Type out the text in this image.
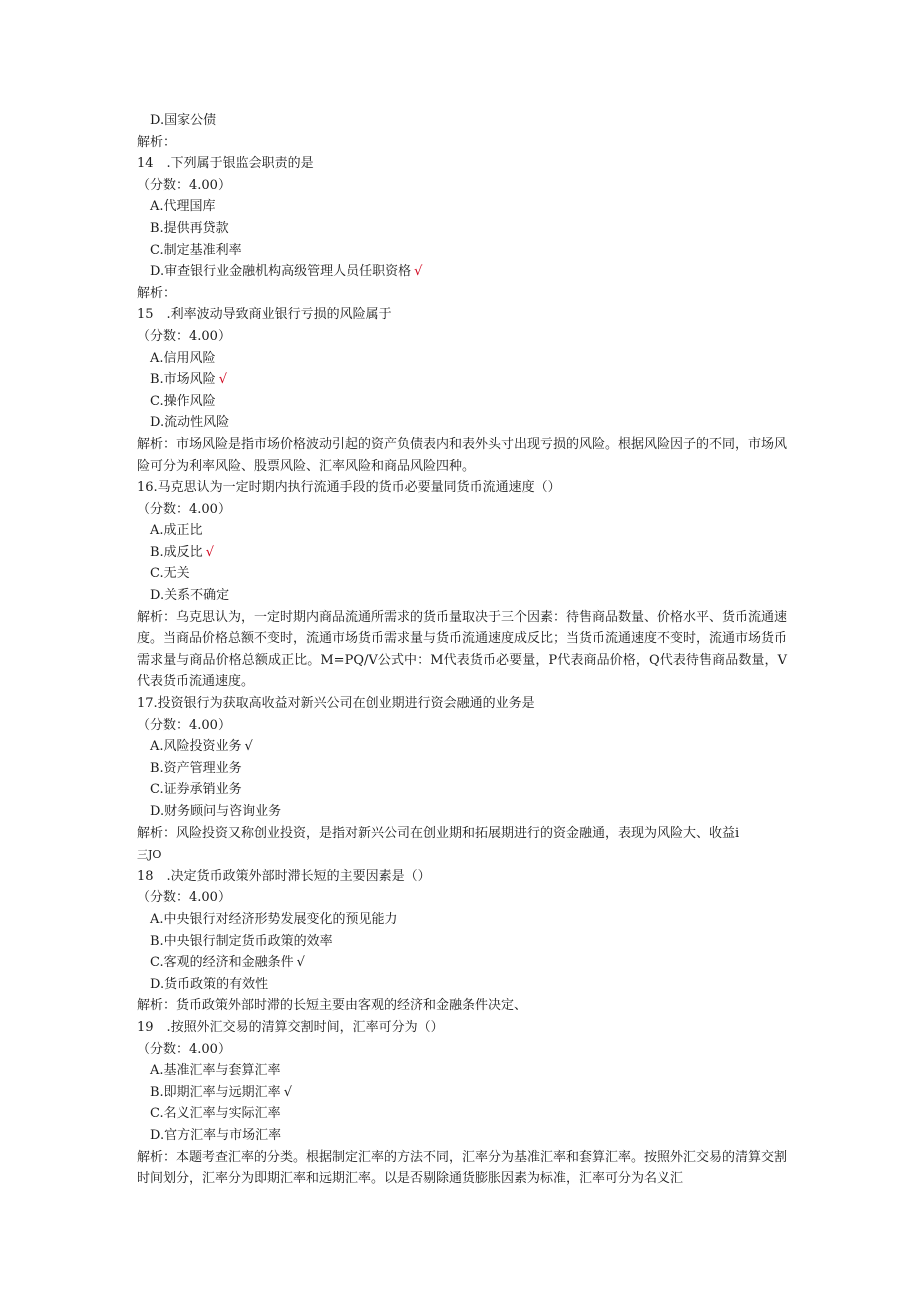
D.国家公债
解析：
14　.下列属于银监会职责的是
（分数：4.00）
A.代理国库
B.提供再贷款
C.制定基准利率
D.审查银行业金融机构高级管理人员任职资格 √
解析：
15　.利率波动导致商业银行亏损的风险属于
（分数：4.00）
A.信用风险
B.市场风险 √
C.操作风险
D.流动性风险
解析：市场风险是指市场价格波动引起的资产负债表内和表外头寸出现亏损的风险。根据风险因子的不同，市场风险可分为利率风险、股票风险、汇率风险和商品风险四种。
16.马克思认为一定时期内执行流通手段的货币必要量同货币流通速度（）
（分数：4.00）
A.成正比
B.成反比 √
C.无关
D.关系不确定
解析：乌克思认为，一定时期内商品流通所需求的货币量取决于三个因素：待售商品数量、价格水平、货币流通速度。当商品价格总额不变时，流通市场货币需求量与货币流通速度成反比；当货币流通速度不变时，流通市场货币需求量与商品价格总额成正比。M=PQ/V公式中：M代表货币必要量，P代表商品价格，Q代表待售商品数量，V代表货币流通速度。
17.投资银行为获取高收益对新兴公司在创业期进行资会融通的业务是
（分数：4.00）
A.风险投资业务 √
B.资产管理业务
C.证券承销业务
D.财务顾问与咨询业务
解析：风险投资又称创业投资，是指对新兴公司在创业期和拓展期进行的资金融通，表现为风险大、收益i
三JO
18　.决定货币政策外部时滞长短的主要因素是（）
（分数：4.00）
A.中央银行对经济形势发展变化的预见能力
B.中央银行制定货币政策的效率
C.客观的经济和金融条件 √
D.货币政策的有效性
解析：货币政策外部时滞的长短主要由客观的经济和金融条件决定、
19　.按照外汇交易的清算交割时间，汇率可分为（）
（分数：4.00）
A.基准汇率与套算汇率
B.即期汇率与远期汇率 √
C.名义汇率与实际汇率
D.官方汇率与市场汇率
解析：本题考查汇率的分类。根据制定汇率的方法不同，汇率分为基准汇率和套算汇率。按照外汇交易的清算交割时间划分，汇率分为即期汇率和远期汇率。以是否剔除通货膨胀因素为标准，汇率可分为名义汇
